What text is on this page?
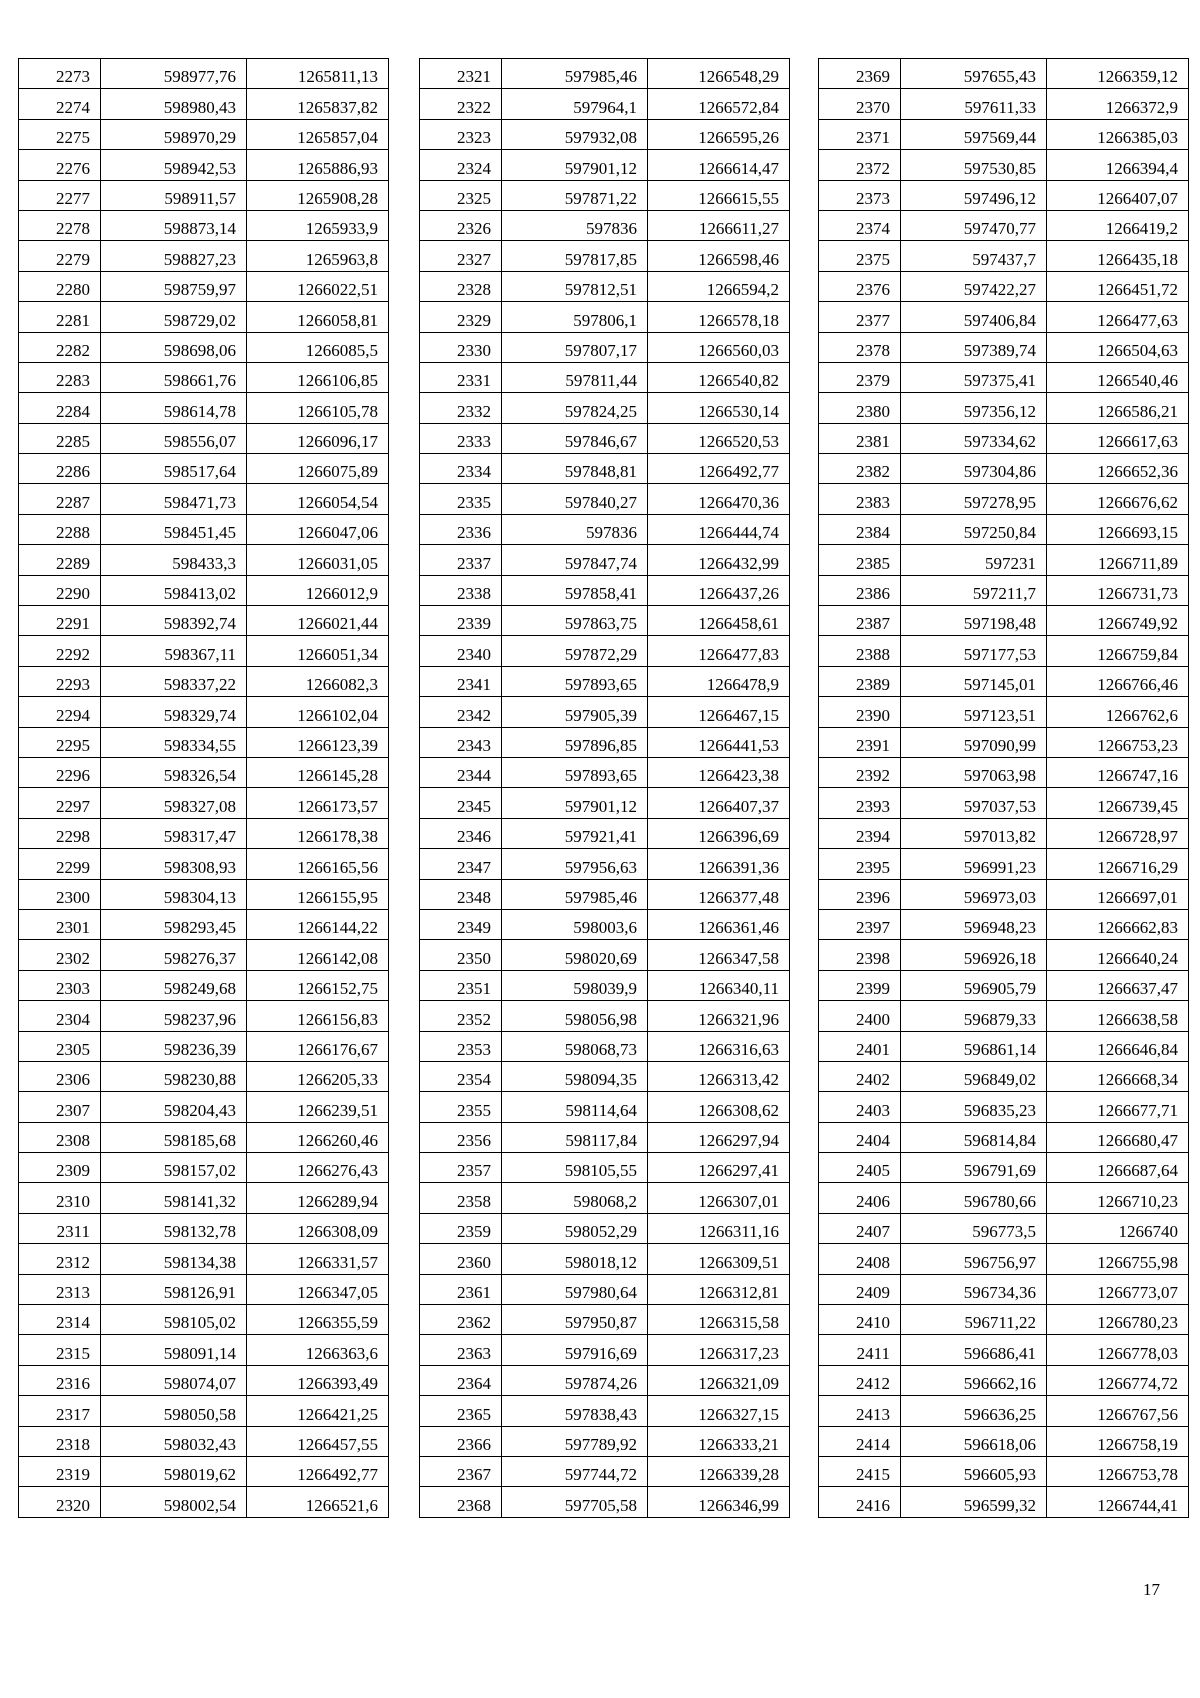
2273	598977,76	1265811,13
2274	598980,43	1265837,82
2275	598970,29	1265857,04
2276	598942,53	1265886,93
2277	598911,57	1265908,28
2278	598873,14	1265933,9
2279	598827,23	1265963,8
2280	598759,97	1266022,51
2281	598729,02	1266058,81
2282	598698,06	1266085,5
2283	598661,76	1266106,85
2284	598614,78	1266105,78
2285	598556,07	1266096,17
2286	598517,64	1266075,89
2287	598471,73	1266054,54
2288	598451,45	1266047,06
2289	598433,3	1266031,05
2290	598413,02	1266012,9
2291	598392,74	1266021,44
2292	598367,11	1266051,34
2293	598337,22	1266082,3
2294	598329,74	1266102,04
2295	598334,55	1266123,39
2296	598326,54	1266145,28
2297	598327,08	1266173,57
2298	598317,47	1266178,38
2299	598308,93	1266165,56
2300	598304,13	1266155,95
2301	598293,45	1266144,22
2302	598276,37	1266142,08
2303	598249,68	1266152,75
2304	598237,96	1266156,83
2305	598236,39	1266176,67
2306	598230,88	1266205,33
2307	598204,43	1266239,51
2308	598185,68	1266260,46
2309	598157,02	1266276,43
2310	598141,32	1266289,94
2311	598132,78	1266308,09
2312	598134,38	1266331,57
2313	598126,91	1266347,05
2314	598105,02	1266355,59
2315	598091,14	1266363,6
2316	598074,07	1266393,49
2317	598050,58	1266421,25
2318	598032,43	1266457,55
2319	598019,62	1266492,77
2320	598002,54	1266521,6
2321	597985,46	1266548,29
2322	597964,1	1266572,84
2323	597932,08	1266595,26
2324	597901,12	1266614,47
2325	597871,22	1266615,55
2326	597836	1266611,27
2327	597817,85	1266598,46
2328	597812,51	1266594,2
2329	597806,1	1266578,18
2330	597807,17	1266560,03
2331	597811,44	1266540,82
2332	597824,25	1266530,14
2333	597846,67	1266520,53
2334	597848,81	1266492,77
2335	597840,27	1266470,36
2336	597836	1266444,74
2337	597847,74	1266432,99
2338	597858,41	1266437,26
2339	597863,75	1266458,61
2340	597872,29	1266477,83
2341	597893,65	1266478,9
2342	597905,39	1266467,15
2343	597896,85	1266441,53
2344	597893,65	1266423,38
2345	597901,12	1266407,37
2346	597921,41	1266396,69
2347	597956,63	1266391,36
2348	597985,46	1266377,48
2349	598003,6	1266361,46
2350	598020,69	1266347,58
2351	598039,9	1266340,11
2352	598056,98	1266321,96
2353	598068,73	1266316,63
2354	598094,35	1266313,42
2355	598114,64	1266308,62
2356	598117,84	1266297,94
2357	598105,55	1266297,41
2358	598068,2	1266307,01
2359	598052,29	1266311,16
2360	598018,12	1266309,51
2361	597980,64	1266312,81
2362	597950,87	1266315,58
2363	597916,69	1266317,23
2364	597874,26	1266321,09
2365	597838,43	1266327,15
2366	597789,92	1266333,21
2367	597744,72	1266339,28
2368	597705,58	1266346,99
2369	597655,43	1266359,12
2370	597611,33	1266372,9
2371	597569,44	1266385,03
2372	597530,85	1266394,4
2373	597496,12	1266407,07
2374	597470,77	1266419,2
2375	597437,7	1266435,18
2376	597422,27	1266451,72
2377	597406,84	1266477,63
2378	597389,74	1266504,63
2379	597375,41	1266540,46
2380	597356,12	1266586,21
2381	597334,62	1266617,63
2382	597304,86	1266652,36
2383	597278,95	1266676,62
2384	597250,84	1266693,15
2385	597231	1266711,89
2386	597211,7	1266731,73
2387	597198,48	1266749,92
2388	597177,53	1266759,84
2389	597145,01	1266766,46
2390	597123,51	1266762,6
2391	597090,99	1266753,23
2392	597063,98	1266747,16
2393	597037,53	1266739,45
2394	597013,82	1266728,97
2395	596991,23	1266716,29
2396	596973,03	1266697,01
2397	596948,23	1266662,83
2398	596926,18	1266640,24
2399	596905,79	1266637,47
2400	596879,33	1266638,58
2401	596861,14	1266646,84
2402	596849,02	1266668,34
2403	596835,23	1266677,71
2404	596814,84	1266680,47
2405	596791,69	1266687,64
2406	596780,66	1266710,23
2407	596773,5	1266740
2408	596756,97	1266755,98
2409	596734,36	1266773,07
2410	596711,22	1266780,23
2411	596686,41	1266778,03
2412	596662,16	1266774,72
2413	596636,25	1266767,56
2414	596618,06	1266758,19
2415	596605,93	1266753,78
2416	596599,32	1266744,41
17
